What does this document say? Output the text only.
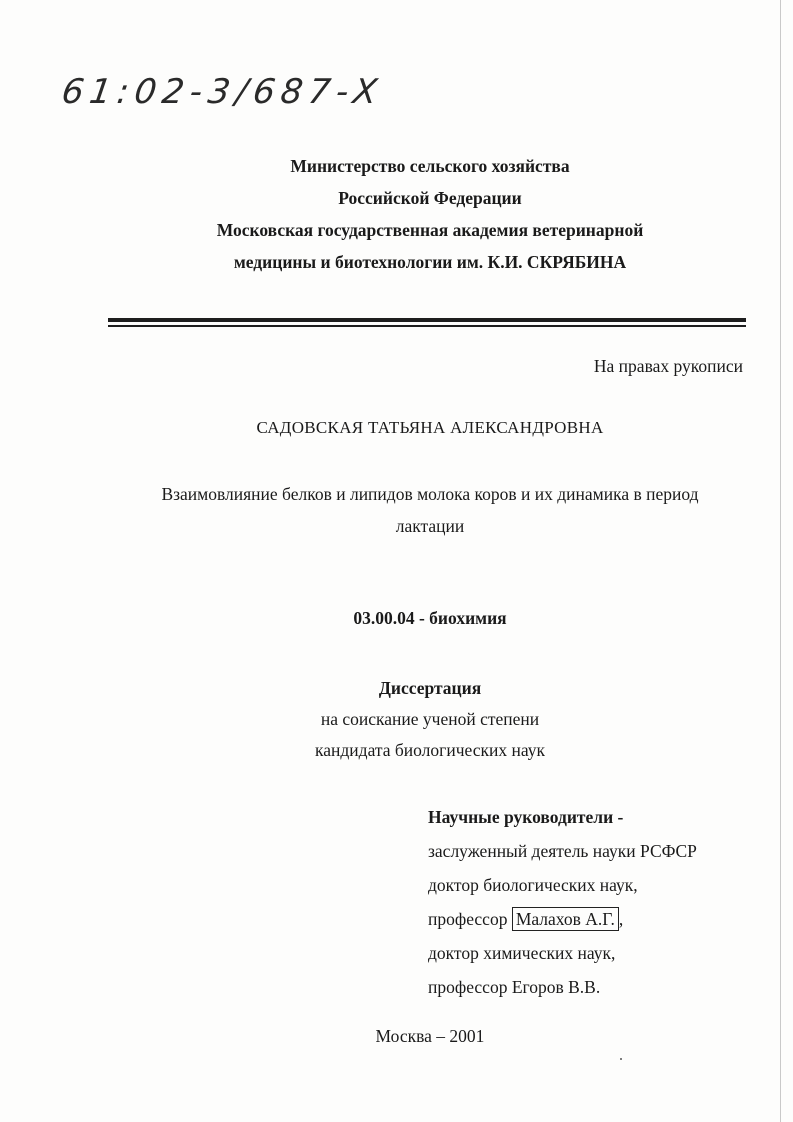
61:02-3/687-X
Министерство сельского хозяйства
Российской Федерации
Московская государственная академия ветеринарной
медицины и биотехнологии им. К.И. СКРЯБИНА
На правах рукописи
САДОВСКАЯ ТАТЬЯНА АЛЕКСАНДРОВНА
Взаимовлияние белков и липидов молока коров и их динамика в период
лактации
03.00.04 - биохимия
Диссертация
на соискание ученой степени
кандидата биологических наук
Научные руководители -
заслуженный деятель науки РСФСР
доктор биологических наук,
профессор Малахов А.Г. ,
доктор химических наук,
профессор Егоров В.В.
Москва – 2001
